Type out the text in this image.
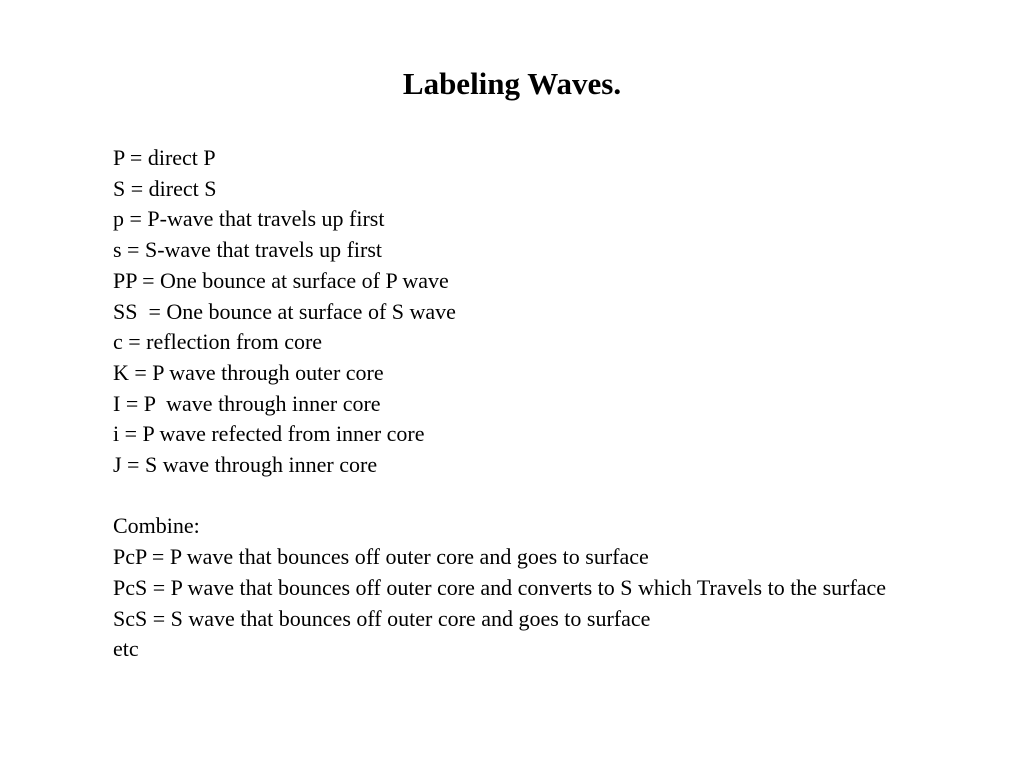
Labeling Waves.

P = direct P

S = direct S

p = P-wave that travels up first

s = S-wave that travels up first

PP = One bounce at surface of P wave

SS  = One bounce at surface of S wave

c = reflection from core

K = P wave through outer core

I = P  wave through inner core

i = P wave refected from inner core

J = S wave through inner core

Combine:

PcP = P wave that bounces off outer core and goes to surface

PcS = P wave that bounces off outer core and converts to S which Travels to the surface

ScS = S wave that bounces off outer core and goes to surface

etc
